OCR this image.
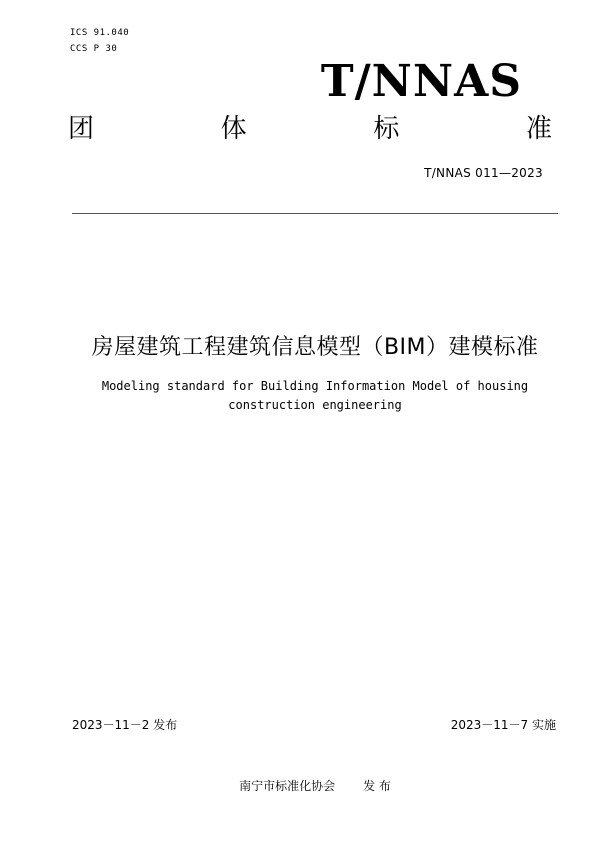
ICS 91.040
CCS P 30
T/NNAS
团	体	标	准
T/NNAS 011—2023
房屋建筑工程建筑信息模型（BIM）建模标准
Modeling standard for Building Information Model of housing
construction engineering
2023－11－2 发布	2023－11－7 实施
南宁市标准化协会 发 布
